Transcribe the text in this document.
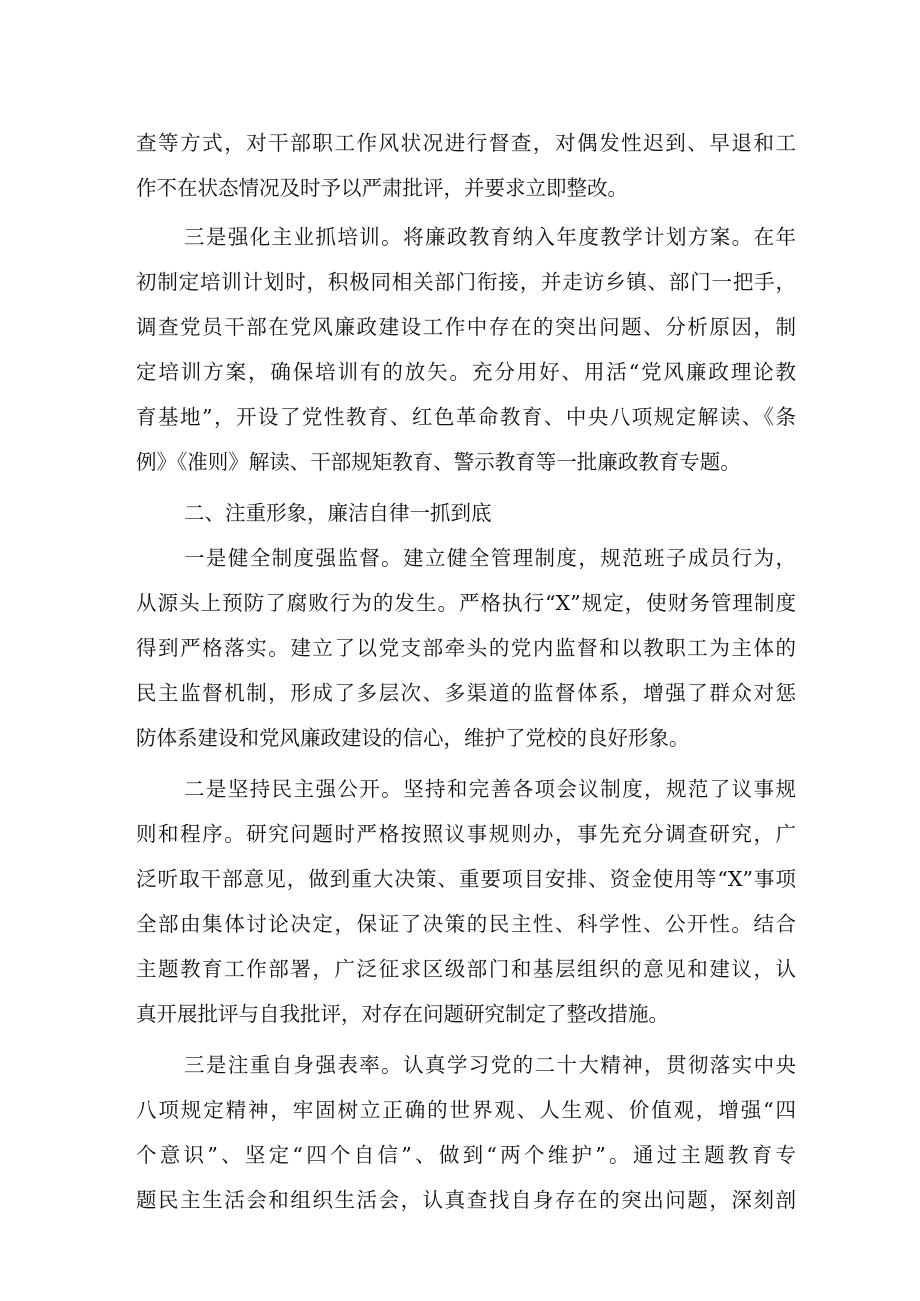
查等方式，对干部职工作风状况进行督查，对偶发性迟到、早退和工
作不在状态情况及时予以严肃批评，并要求立即整改。
三是强化主业抓培训。将廉政教育纳入年度教学计划方案。在年
初制定培训计划时，积极同相关部门衔接，并走访乡镇、部门一把手，
调查党员干部在党风廉政建设工作中存在的突出问题、分析原因，制
定培训方案，确保培训有的放矢。充分用好、用活“党风廉政理论教
育基地”，开设了党性教育、红色革命教育、中央八项规定解读、《条
例》《准则》解读、干部规矩教育、警示教育等一批廉政教育专题。
二、注重形象，廉洁自律一抓到底
一是健全制度强监督。建立健全管理制度，规范班子成员行为，
从源头上预防了腐败行为的发生。严格执行“X”规定，使财务管理制度
得到严格落实。建立了以党支部牵头的党内监督和以教职工为主体的
民主监督机制，形成了多层次、多渠道的监督体系，增强了群众对惩
防体系建设和党风廉政建设的信心，维护了党校的良好形象。
二是坚持民主强公开。坚持和完善各项会议制度，规范了议事规
则和程序。研究问题时严格按照议事规则办，事先充分调查研究，广
泛听取干部意见，做到重大决策、重要项目安排、资金使用等“X”事项
全部由集体讨论决定，保证了决策的民主性、科学性、公开性。结合
主题教育工作部署，广泛征求区级部门和基层组织的意见和建议，认
真开展批评与自我批评，对存在问题研究制定了整改措施。
三是注重自身强表率。认真学习党的二十大精神，贯彻落实中央
八项规定精神，牢固树立正确的世界观、人生观、价值观，增强“四
个意识”、坚定“四个自信”、做到“两个维护”。通过主题教育专
题民主生活会和组织生活会，认真查找自身存在的突出问题，深刻剖
